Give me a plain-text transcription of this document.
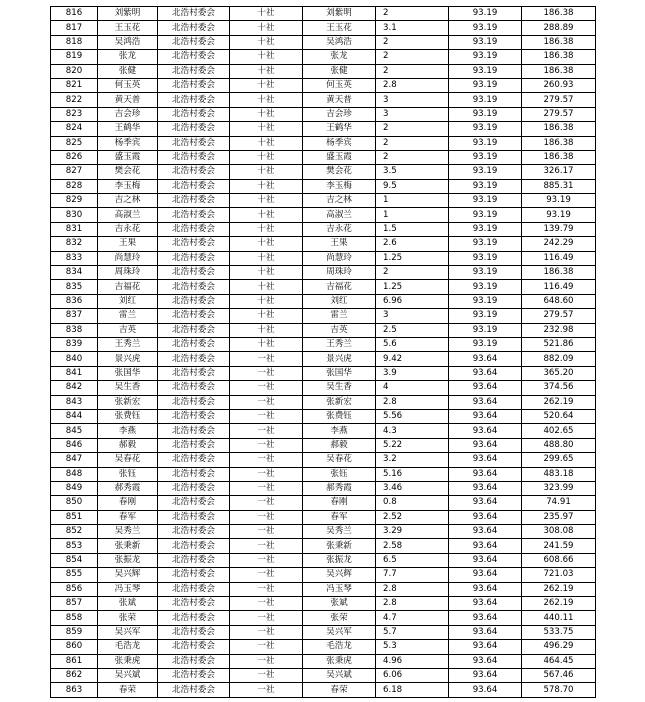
816	刘紫明	北浩村委会	十社	刘紫明	2	93.19	186.38
817	王玉花	北浩村委会	十社	王玉花	3.1	93.19	288.89
818	吴鸿浩	北浩村委会	十社	吴鸿浩	2	93.19	186.38
819	张龙	北浩村委会	十社	张龙	2	93.19	186.38
820	张健	北浩村委会	十社	张健	2	93.19	186.38
821	何玉英	北浩村委会	十社	何玉英	2.8	93.19	260.93
822	黄天普	北浩村委会	十社	黄天普	3	93.19	279.57
823	吉会珍	北浩村委会	十社	吉会珍	3	93.19	279.57
824	王鹤华	北浩村委会	十社	王鹤华	2	93.19	186.38
825	杨季宾	北浩村委会	十社	杨季宾	2	93.19	186.38
826	盛玉霞	北浩村委会	十社	盛玉霞	2	93.19	186.38
827	樊会花	北浩村委会	十社	樊会花	3.5	93.19	326.17
828	李玉梅	北浩村委会	十社	李玉梅	9.5	93.19	885.31
829	吉之林	北浩村委会	十社	吉之林	1	93.19	93.19
830	高淑兰	北浩村委会	十社	高淑兰	1	93.19	93.19
831	吉永花	北浩村委会	十社	吉永花	1.5	93.19	139.79
832	王果	北浩村委会	十社	王果	2.6	93.19	242.29
833	尚慧玲	北浩村委会	十社	尚慧玲	1.25	93.19	116.49
834	周珠玲	北浩村委会	十社	周珠玲	2	93.19	186.38
835	吉福花	北浩村委会	十社	吉福花	1.25	93.19	116.49
836	刘红	北浩村委会	十社	刘红	6.96	93.19	648.60
837	雷兰	北浩村委会	十社	雷兰	3	93.19	279.57
838	吉英	北浩村委会	十社	吉英	2.5	93.19	232.98
839	王秀兰	北浩村委会	十社	王秀兰	5.6	93.19	521.86
840	景兴虎	北浩村委会	一社	景兴虎	9.42	93.64	882.09
841	张国华	北浩村委会	一社	张国华	3.9	93.64	365.20
842	吴生香	北浩村委会	一社	吴生香	4	93.64	374.56
843	张新宏	北浩村委会	一社	张新宏	2.8	93.64	262.19
844	张费钰	北浩村委会	一社	张费钰	5.56	93.64	520.64
845	李燕	北浩村委会	一社	李燕	4.3	93.64	402.65
846	郝毅	北浩村委会	一社	郝毅	5.22	93.64	488.80
847	吴春花	北浩村委会	一社	吴春花	3.2	93.64	299.65
848	张钰	北浩村委会	一社	张钰	5.16	93.64	483.18
849	郝秀霞	北浩村委会	一社	郝秀霞	3.46	93.64	323.99
850	春刚	北浩村委会	一社	春刚	0.8	93.64	74.91
851	春军	北浩村委会	一社	春军	2.52	93.64	235.97
852	吴秀兰	北浩村委会	一社	吴秀兰	3.29	93.64	308.08
853	张秉新	北浩村委会	一社	张秉新	2.58	93.64	241.59
854	张振龙	北浩村委会	一社	张振龙	6.5	93.64	608.66
855	吴兴辉	北浩村委会	一社	吴兴辉	7.7	93.64	721.03
856	冯玉琴	北浩村委会	一社	冯玉琴	2.8	93.64	262.19
857	张斌	北浩村委会	一社	张斌	2.8	93.64	262.19
858	张荣	北浩村委会	一社	张荣	4.7	93.64	440.11
859	吴兴军	北浩村委会	一社	吴兴军	5.7	93.64	533.75
860	毛浩龙	北浩村委会	一社	毛浩龙	5.3	93.64	496.29
861	张秉虎	北浩村委会	一社	张秉虎	4.96	93.64	464.45
862	吴兴斌	北浩村委会	一社	吴兴斌	6.06	93.64	567.46
863	春荣	北浩村委会	一社	春荣	6.18	93.64	578.70
